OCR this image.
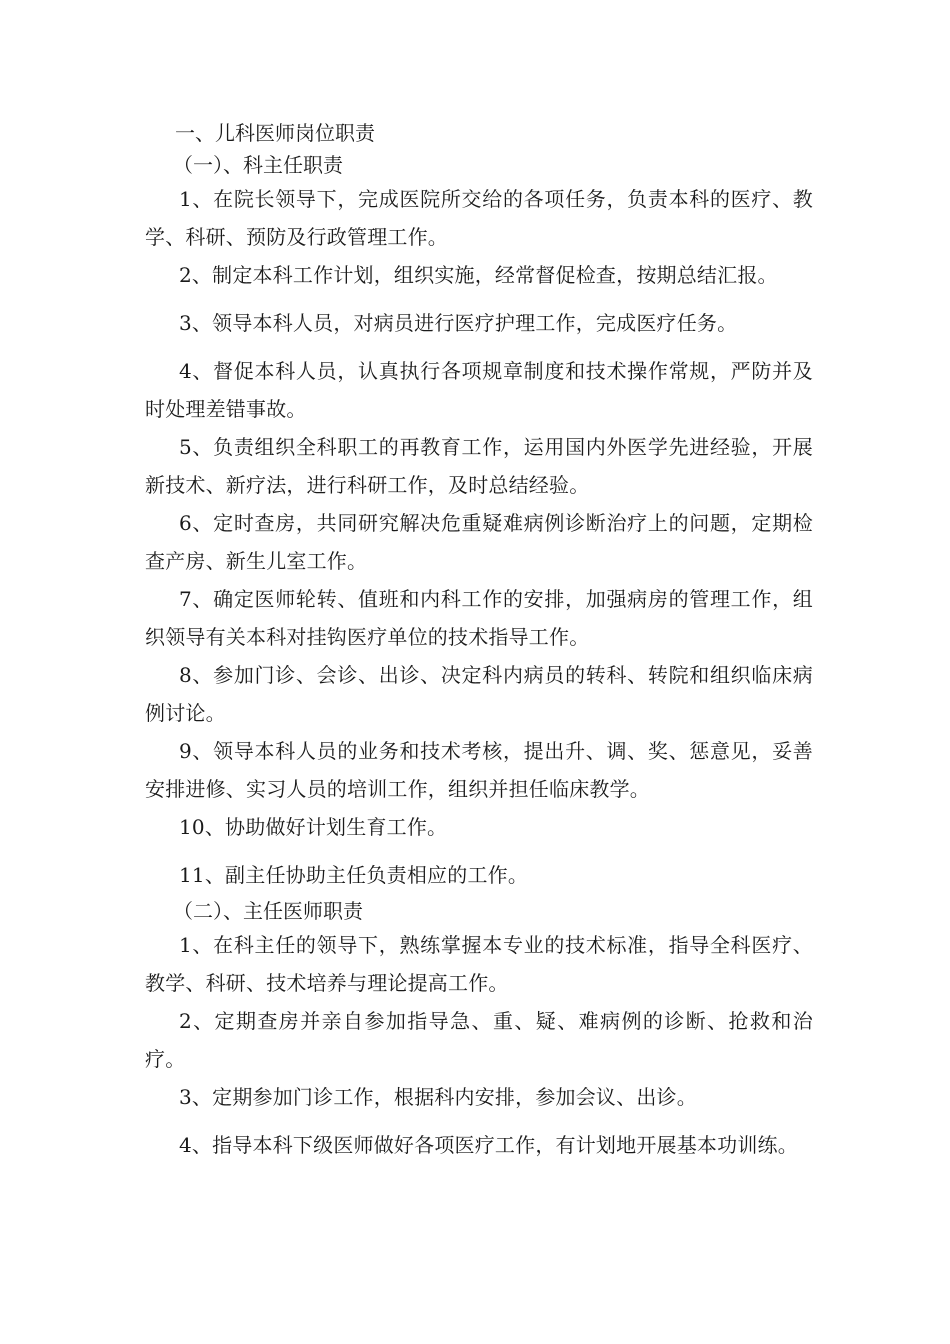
一、儿科医师岗位职责

（一）、科主任职责

1、在院长领导下，完成医院所交给的各项任务，负责本科的医疗、教学、科研、预防及行政管理工作。

2、制定本科工作计划，组织实施，经常督促检查，按期总结汇报。

3、领导本科人员，对病员进行医疗护理工作，完成医疗任务。

4、督促本科人员，认真执行各项规章制度和技术操作常规，严防并及时处理差错事故。

5、负责组织全科职工的再教育工作，运用国内外医学先进经验，开展新技术、新疗法，进行科研工作，及时总结经验。

6、定时查房，共同研究解决危重疑难病例诊断治疗上的问题，定期检查产房、新生儿室工作。

7、确定医师轮转、值班和内科工作的安排，加强病房的管理工作，组织领导有关本科对挂钩医疗单位的技术指导工作。

8、参加门诊、会诊、出诊、决定科内病员的转科、转院和组织临床病例讨论。

9、领导本科人员的业务和技术考核，提出升、调、奖、惩意见，妥善安排进修、实习人员的培训工作，组织并担任临床教学。

10、协助做好计划生育工作。

11、副主任协助主任负责相应的工作。

（二）、主任医师职责

1、在科主任的领导下，熟练掌握本专业的技术标准，指导全科医疗、教学、科研、技术培养与理论提高工作。

2、定期查房并亲自参加指导急、重、疑、难病例的诊断、抢救和治疗。

3、定期参加门诊工作，根据科内安排，参加会议、出诊。

4、指导本科下级医师做好各项医疗工作，有计划地开展基本功训练。
